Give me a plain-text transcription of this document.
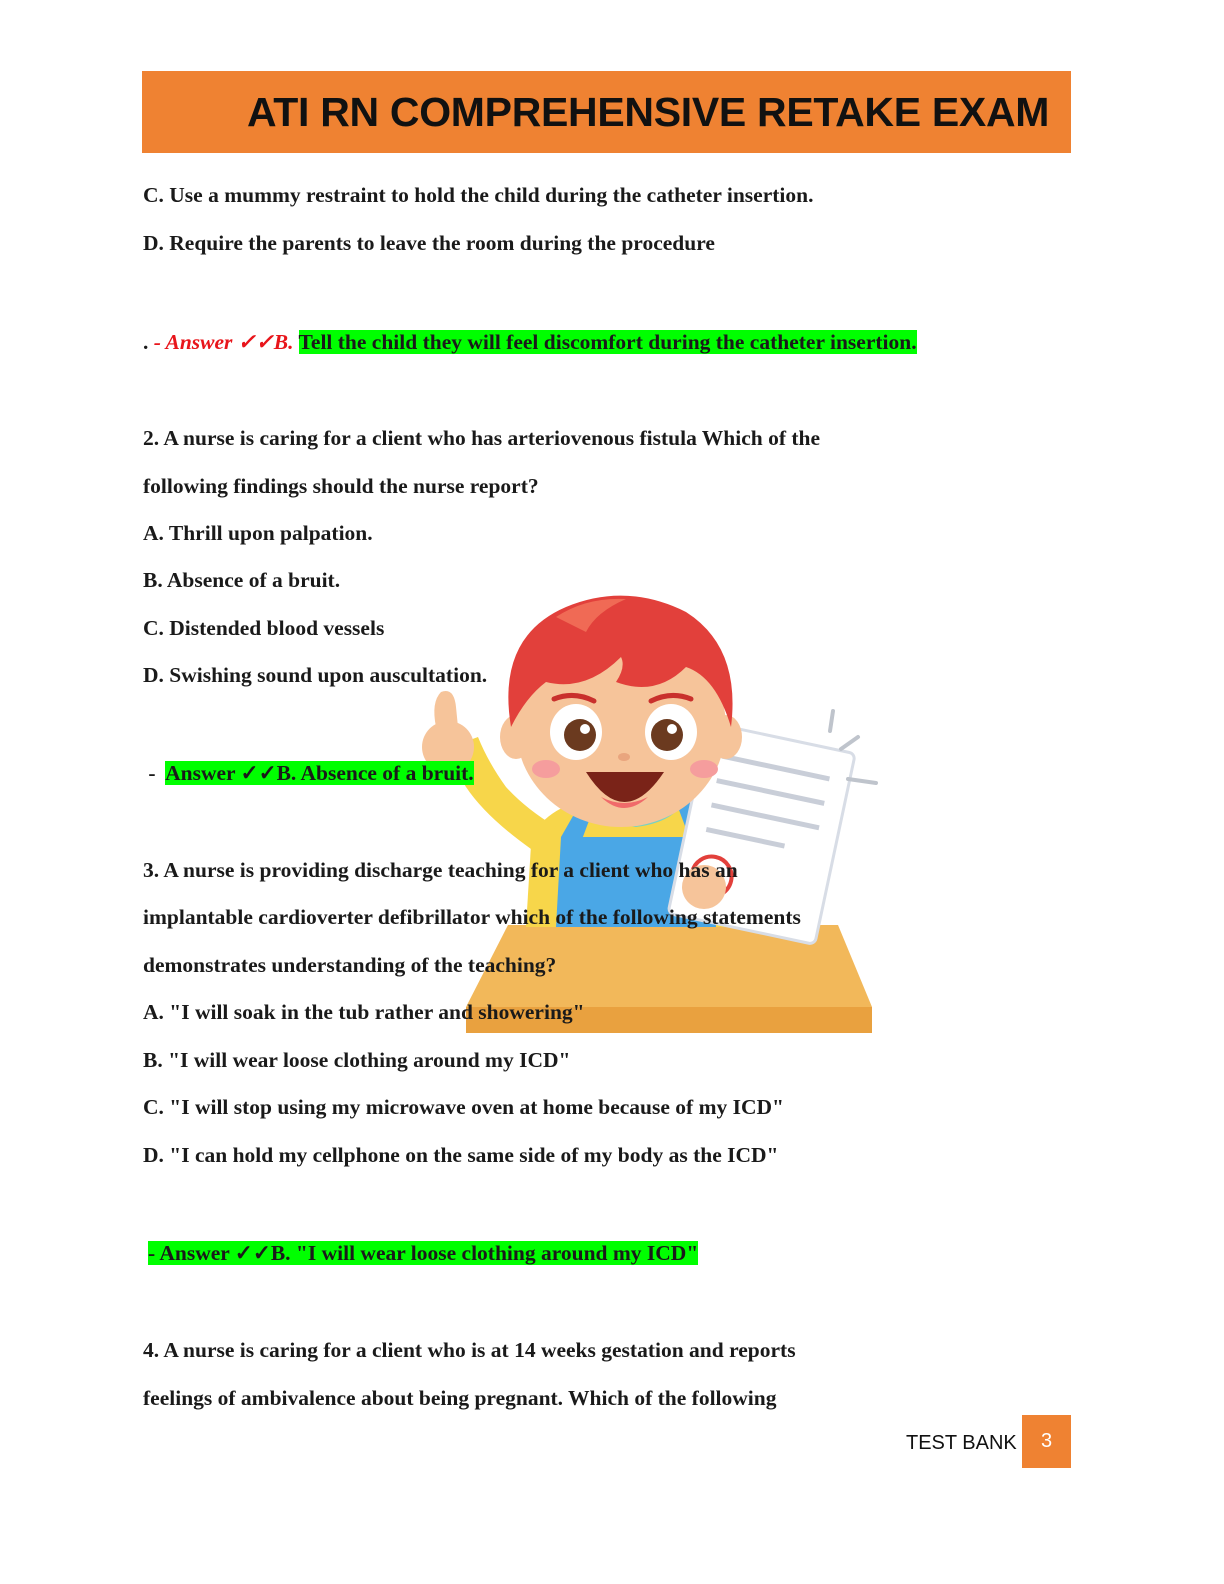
ATI RN COMPREHENSIVE RETAKE EXAM
C. Use a mummy restraint to hold the child during the catheter insertion.
D. Require the parents to leave the room during the procedure
. - Answer ✓✓B. Tell the child they will feel discomfort during the catheter insertion.
2. A nurse is caring for a client who has arteriovenous fistula Which of the
following findings should the nurse report?
A. Thrill upon palpation.
B. Absence of a bruit.
C. Distended blood vessels
D. Swishing sound upon auscultation.
-  Answer ✓✓B. Absence of a bruit.
3. A nurse is providing discharge teaching for a client who has an
implantable cardioverter defibrillator which of the following statements
demonstrates understanding of the teaching?
A. "I will soak in the tub rather and showering"
B. "I will wear loose clothing around my ICD"
C. "I will stop using my microwave oven at home because of my ICD"
D. "I can hold my cellphone on the same side of my body as the ICD"
- Answer ✓✓B. "I will wear loose clothing around my ICD"
4. A nurse is caring for a client who is at 14 weeks gestation and reports
feelings of ambivalence about being pregnant. Which of the following
TEST BANK 3
